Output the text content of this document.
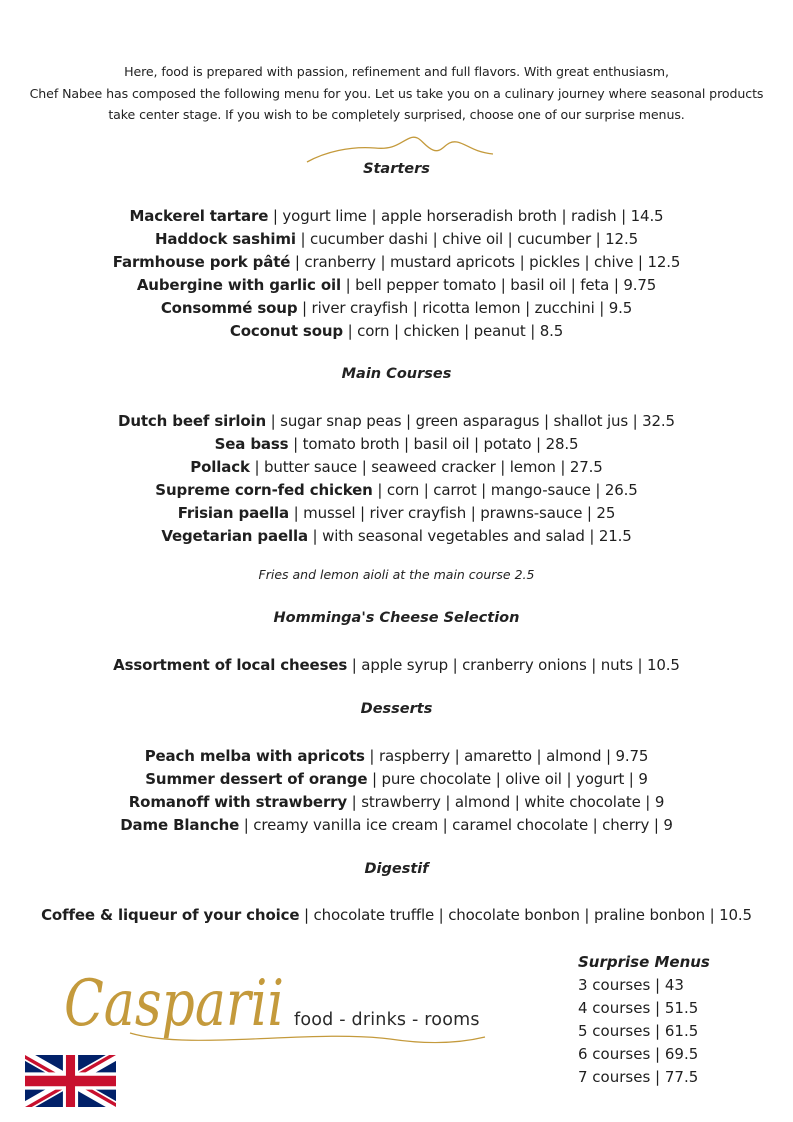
Here, food is prepared with passion, refinement and full flavors. With great enthusiasm,

Chef Nabee has composed the following menu for you. Let us take you on a culinary journey where seasonal products

take center stage. If you wish to be completely surprised, choose one of our surprise menus.

Starters
Mackerel tartare | yogurt lime | apple horseradish broth | radish | 14.5
Haddock sashimi | cucumber dashi | chive oil | cucumber | 12.5
Farmhouse pork pâté | cranberry | mustard apricots | pickles | chive | 12.5
Aubergine with garlic oil | bell pepper tomato | basil oil | feta | 9.75
Consommé soup | river crayfish | ricotta lemon | zucchini | 9.5
Coconut soup | corn | chicken | peanut | 8.5
Main Courses
Dutch beef sirloin | sugar snap peas | green asparagus | shallot jus | 32.5
Sea bass | tomato broth | basil oil | potato | 28.5
Pollack | butter sauce | seaweed cracker | lemon | 27.5
Supreme corn-fed chicken | corn | carrot | mango-sauce | 26.5
Frisian paella | mussel | river crayfish | prawns-sauce | 25
Vegetarian paella | with seasonal vegetables and salad | 21.5
Fries and lemon aioli at the main course 2.5
Homminga's Cheese Selection
Assortment of local cheeses | apple syrup | cranberry onions | nuts | 10.5
Desserts
Peach melba with apricots | raspberry | amaretto | almond | 9.75
Summer dessert of orange | pure chocolate | olive oil | yogurt | 9
Romanoff with strawberry | strawberry | almond | white chocolate | 9
Dame Blanche | creamy vanilla ice cream | caramel chocolate | cherry | 9
Digestif
Coffee & liqueur of your choice | chocolate truffle | chocolate bonbon | praline bonbon | 10.5
Casparii food - drinks - rooms
Surprise Menus
3 courses | 43
4 courses | 51.5
5 courses | 61.5
6 courses | 69.5
7 courses | 77.5
